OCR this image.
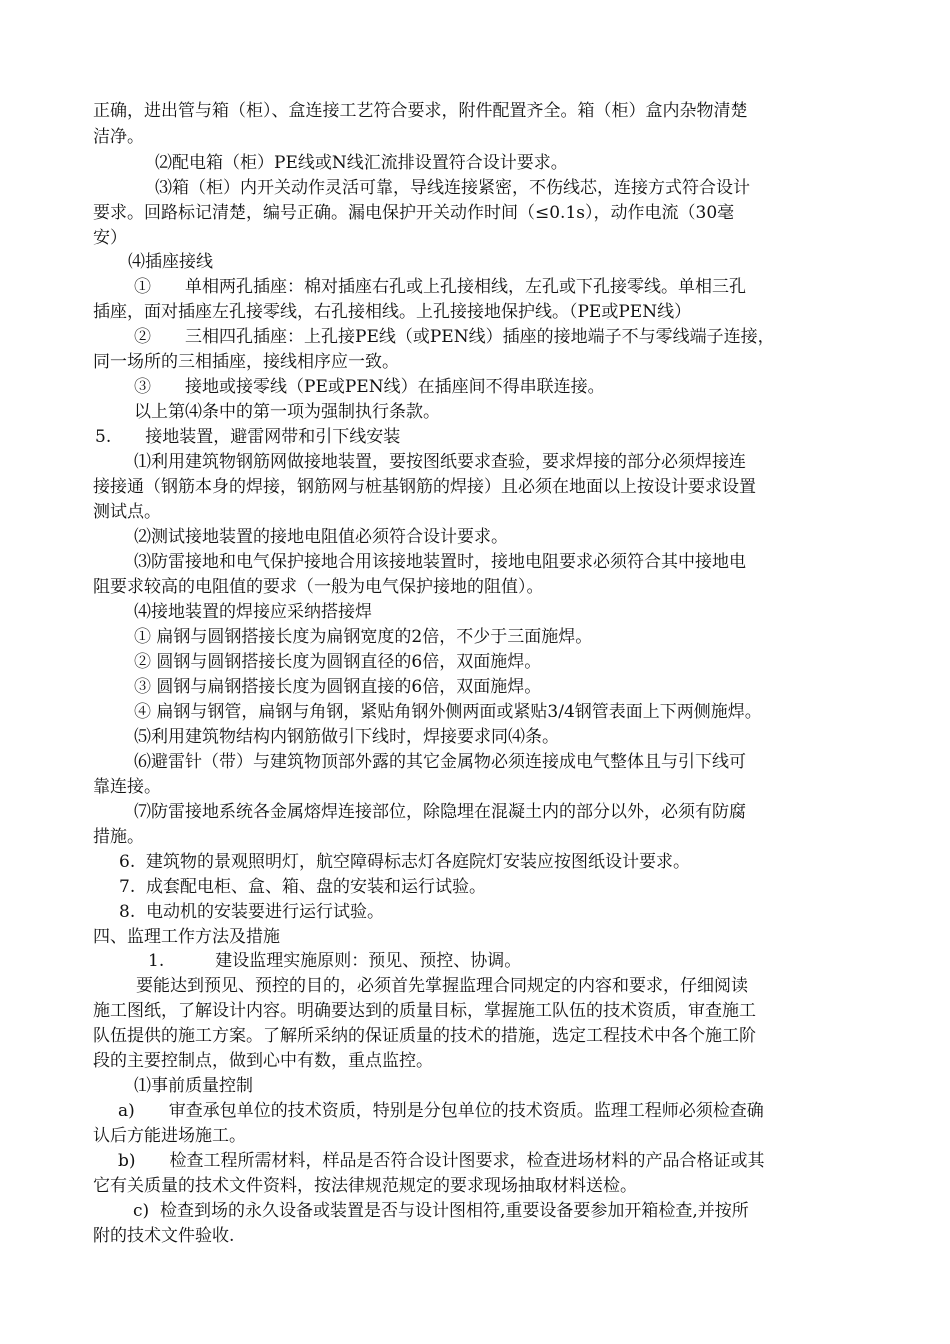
正确，进出管与箱（柜）、盒连接工艺符合要求，附件配置齐全。箱（柜）盒内杂物清楚
洁净。
⑵配电箱（柜）PE线或N线汇流排设置符合设计要求。
⑶箱（柜）内开关动作灵活可靠，导线连接紧密，不伤线芯，连接方式符合设计
要求。回路标记清楚，编号正确。漏电保护开关动作时间（≤0.1s），动作电流（30毫
安）
⑷插座接线
①　　单相两孔插座：棉对插座右孔或上孔接相线，左孔或下孔接零线。单相三孔
插座，面对插座左孔接零线，右孔接相线。上孔接接地保护线。（PE或PEN线）
②　　三相四孔插座：上孔接PE线（或PEN线）插座的接地端子不与零线端子连接，
同一场所的三相插座，接线相序应一致。
③　　接地或接零线（PE或PEN线）在插座间不得串联连接。
以上第⑷条中的第一项为强制执行条款。
5.　　接地装置，避雷网带和引下线安装
⑴利用建筑物钢筋网做接地装置，要按图纸要求查验，要求焊接的部分必须焊接连
接接通（钢筋本身的焊接，钢筋网与桩基钢筋的焊接）且必须在地面以上按设计要求设置
测试点。
⑵测试接地装置的接地电阻值必须符合设计要求。
⑶防雷接地和电气保护接地合用该接地装置时，接地电阻要求必须符合其中接地电
阻要求较高的电阻值的要求（一般为电气保护接地的阻值）。
⑷接地装置的焊接应采纳搭接焊
① 扁钢与圆钢搭接长度为扁钢宽度的2倍，不少于三面施焊。
② 圆钢与圆钢搭接长度为圆钢直径的6倍，双面施焊。
③ 圆钢与扁钢搭接长度为圆钢直接的6倍，双面施焊。
④ 扁钢与钢管，扁钢与角钢，紧贴角钢外侧两面或紧贴3/4钢管表面上下两侧施焊。
⑸利用建筑物结构内钢筋做引下线时，焊接要求同⑷条。
⑹避雷针（带）与建筑物顶部外露的其它金属物必须连接成电气整体且与引下线可
靠连接。
⑺防雷接地系统各金属熔焊连接部位，除隐埋在混凝土内的部分以外，必须有防腐
措施。
6.  建筑物的景观照明灯，航空障碍标志灯各庭院灯安装应按图纸设计要求。
7.  成套配电柜、盒、箱、盘的安装和运行试验。
8.  电动机的安装要进行运行试验。
四、监理工作方法及措施
1.　　　建设监理实施原则：预见、预控、协调。
要能达到预见、预控的目的，必须首先掌握监理合同规定的内容和要求，仔细阅读
施工图纸，了解设计内容。明确要达到的质量目标，掌握施工队伍的技术资质，审查施工
队伍提供的施工方案。了解所采纳的保证质量的技术的措施，选定工程技术中各个施工阶
段的主要控制点，做到心中有数，重点监控。
⑴事前质量控制
a)　　审查承包单位的技术资质，特别是分包单位的技术资质。监理工程师必须检查确
认后方能进场施工。
b)　　检查工程所需材料，样品是否符合设计图要求，检查进场材料的产品合格证或其
它有关质量的技术文件资料，按法律规范规定的要求现场抽取材料送检。
c)  检查到场的永久设备或装置是否与设计图相符,重要设备要参加开箱检查,并按所
附的技术文件验收.
